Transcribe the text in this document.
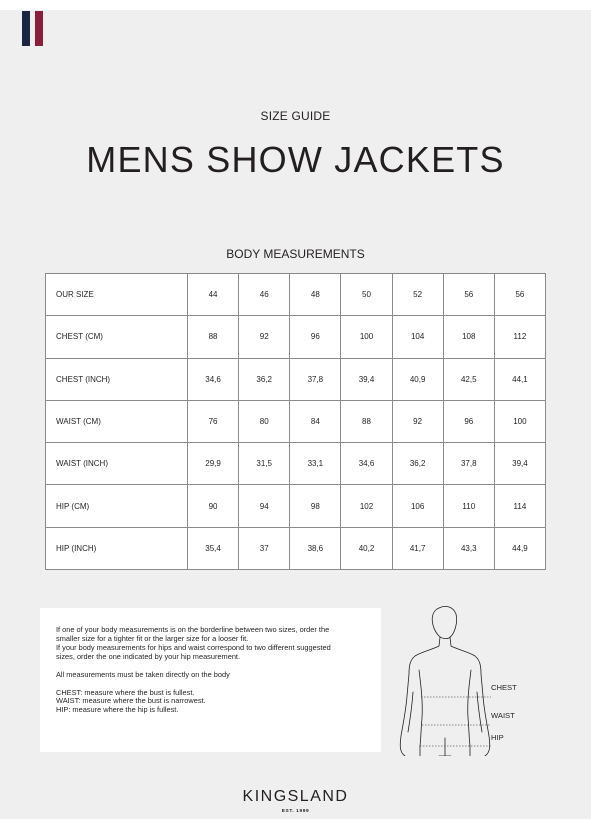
SIZE GUIDE
MENS SHOW JACKETS
BODY MEASUREMENTS
OUR SIZE	44	46	48	50	52	56	56
CHEST (CM)	88	92	96	100	104	108	112
CHEST (INCH)	34,6	36,2	37,8	39,4	40,9	42,5	44,1
WAIST (CM)	76	80	84	88	92	96	100
WAIST (INCH)	29,9	31,5	33,1	34,6	36,2	37,8	39,4
HIP (CM)	90	94	98	102	106	110	114
HIP (INCH)	35,4	37	38,6	40,2	41,7	43,3	44,9

If one of your body measurements is on the borderline between two sizes, order the

smaller size for a tighter fit or the larger size for a looser fit.

If your body measurements for hips and waist correspond to two different suggested

sizes, order the one indicated by your hip measurement.

All measurements must be taken directly on the body

CHEST: measure where the bust is fullest.

WAIST: measure where the bust is narrowest.

HIP: measure where the hip is fullest.

CHEST
WAIST
HIP
KINGSLAND
EST. 1999
